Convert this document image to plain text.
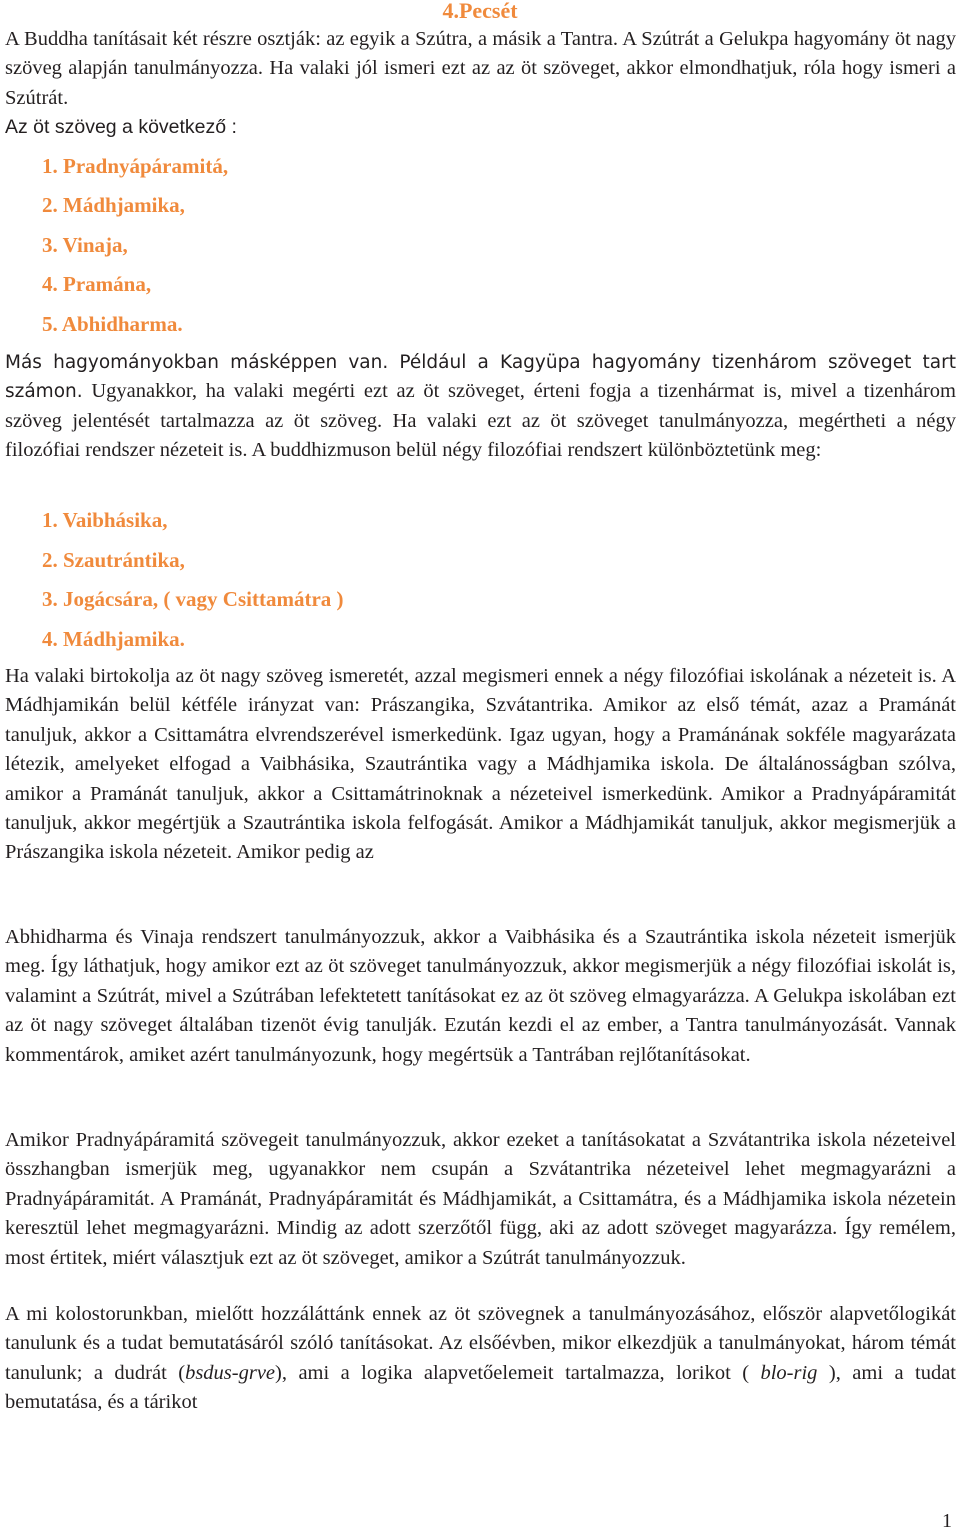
4.Pecsét

A Buddha tanításait két részre osztják: az egyik a Szútra, a másik a Tantra. A Szútrát a Gelukpa hagyomány öt nagy szöveg alapján tanulmányozza. Ha valaki jól ismeri ezt az az öt szöveget, akkor elmondhatjuk, róla hogy ismeri a Szútrát.

Az öt szöveg a következő :

1. Pradnyápáramitá,
2. Mádhjamika,
3. Vinaja,
4. Pramána,
5. Abhidharma.

Más hagyományokban másképpen van. Például a Kagyüpa hagyomány tizenhárom szöveget tart számon. Ugyanakkor, ha valaki megérti ezt az öt szöveget, érteni fogja a tizenhármat is, mivel a tizenhárom szöveg jelentését tartalmazza az öt szöveg. Ha valaki ezt az öt szöveget tanulmányozza, megértheti a négy filozófiai rendszer nézeteit is. A buddhizmuson belül négy filozófiai rendszert különböztetünk meg:

1. Vaibhásika,
2. Szautrántika,
3. Jogácsára, ( vagy Csittamátra )
4. Mádhjamika.

Ha valaki birtokolja az öt nagy szöveg ismeretét, azzal megismeri ennek a négy filozófiai iskolának a nézeteit is. A Mádhjamikán belül kétféle irányzat van: Prászangika, Szvátantrika. Amikor az első témát, azaz a Pramánát tanuljuk, akkor a Csittamátra elvrendszerével ismerkedünk. Igaz ugyan, hogy a Pramánának sokféle magyarázata létezik, amelyeket elfogad a Vaibhásika, Szautrántika vagy a Mádhjamika iskola. De általánosságban szólva, amikor a Pramánát tanuljuk, akkor a Csittamátrinoknak a nézeteivel ismerkedünk. Amikor a Pradnyápáramitát tanuljuk, akkor megértjük a Szautrántika iskola felfogását. Amikor a Mádhjamikát tanuljuk, akkor megismerjük a Prászangika iskola nézeteit. Amikor pedig az

Abhidharma és Vinaja rendszert tanulmányozzuk, akkor a Vaibhásika és a Szautrántika iskola nézeteit ismerjük meg. Így láthatjuk, hogy amikor ezt az öt szöveget tanulmányozzuk, akkor megismerjük a négy filozófiai iskolát is, valamint a Szútrát, mivel a Szútrában lefektetett tanításokat ez az öt szöveg elmagyarázza. A Gelukpa iskolában ezt az öt nagy szöveget általában tizenöt évig tanulják. Ezután kezdi el az ember, a Tantra tanulmányozását. Vannak kommentárok, amiket azért tanulmányozunk, hogy megértsük a Tantrában rejlőtanításokat.

Amikor Pradnyápáramitá szövegeit tanulmányozzuk, akkor ezeket a tanításokatat a Szvátantrika iskola nézeteivel összhangban ismerjük meg, ugyanakkor nem csupán a Szvátantrika nézeteivel lehet megmagyarázni a Pradnyápáramitát. A Pramánát, Pradnyápáramitát és Mádhjamikát, a Csittamátra, és a Mádhjamika iskola nézetein keresztül lehet megmagyarázni. Mindig az adott szerzőtől függ, aki az adott szöveget magyarázza. Így remélem, most értitek, miért választjuk ezt az öt szöveget, amikor a Szútrát tanulmányozzuk.

A mi kolostorunkban, mielőtt hozzáláttánk ennek az öt szövegnek a tanulmányozásához, először alapvetőlogikát tanulunk és a tudat bemutatásáról szóló tanításokat. Az elsőévben, mikor elkezdjük a tanulmányokat, három témát tanulunk; a dudrát (bsdus-grve), ami a logika alapvetőelemeit tartalmazza, lorikot ( blo-rig ), ami a tudat bemutatása, és a tárikot

1
